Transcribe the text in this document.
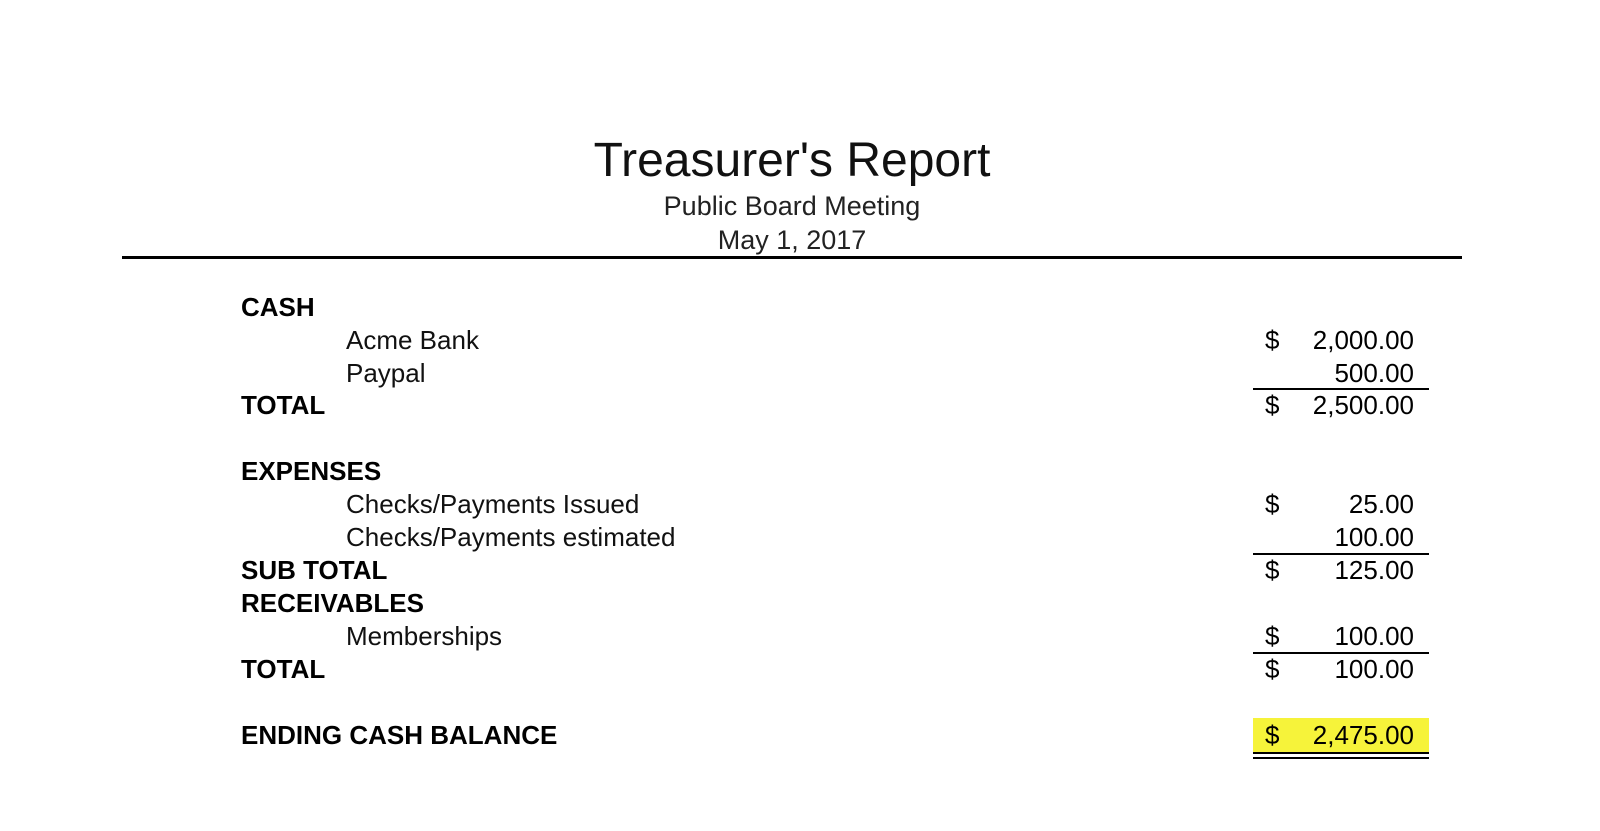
Treasurer's Report
Public Board Meeting
May 1, 2017
CASH
Acme Bank	$ 2,000.00
Paypal	500.00
TOTAL	$ 2,500.00
EXPENSES
Checks/Payments Issued	$	25.00
Checks/Payments estimated	100.00
SUB TOTAL	$ 125.00
RECEIVABLES
Memberships	$ 100.00
TOTAL	$ 100.00
ENDING CASH BALANCE	$ 2,475.00
